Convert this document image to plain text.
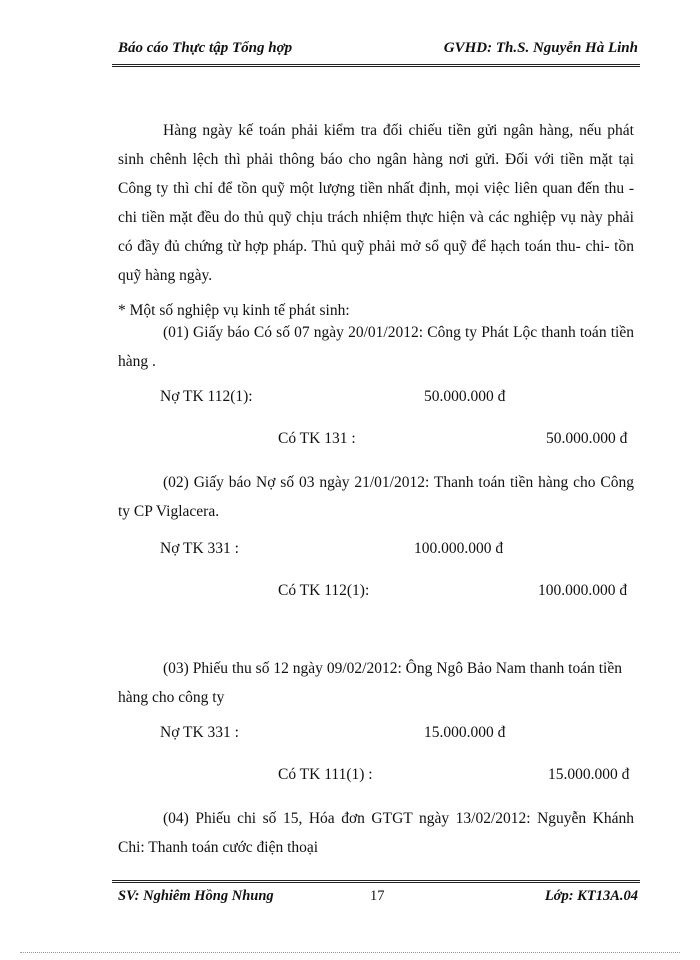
Báo cáo Thực tập Tổng hợp	GVHD: Th.S. Nguyễn Hà Linh

Hàng ngày kế toán phải kiểm tra đối chiếu tiền gửi ngân hàng, nếu phát sinh chênh lệch thì phải thông báo cho ngân hàng nơi gửi. Đối với tiền mặt tại Công ty thì chỉ để tồn quỹ một lượng tiền nhất định, mọi việc liên quan đến thu - chi tiền mặt đều do thủ quỹ chịu trách nhiệm thực hiện và các nghiệp vụ này phải có đầy đủ chứng từ hợp pháp. Thủ quỹ phải mở sổ quỹ để hạch toán thu- chi- tồn quỹ hàng ngày.

* Một số nghiệp vụ kinh tế phát sinh:

(01) Giấy báo Có số 07 ngày 20/01/2012: Công ty Phát Lộc thanh toán tiền hàng .

Nợ TK 112(1):	50.000.000 đ
Có TK 131 :	50.000.000 đ

(02) Giấy báo Nợ số 03 ngày 21/01/2012: Thanh toán tiền hàng cho Công ty CP Viglacera.

Nợ TK 331 :	100.000.000 đ
Có TK 112(1):	100.000.000 đ

(03) Phiếu thu số 12 ngày 09/02/2012: Ông Ngô Bảo Nam thanh toán tiền hàng cho công ty

Nợ TK 331 :	15.000.000 đ
Có TK 111(1) :	15.000.000 đ

(04) Phiếu chi số 15, Hóa đơn GTGT ngày 13/02/2012: Nguyễn Khánh Chi: Thanh toán cước điện thoại

SV: Nghiêm Hồng Nhung	17	Lớp: KT13A.04
